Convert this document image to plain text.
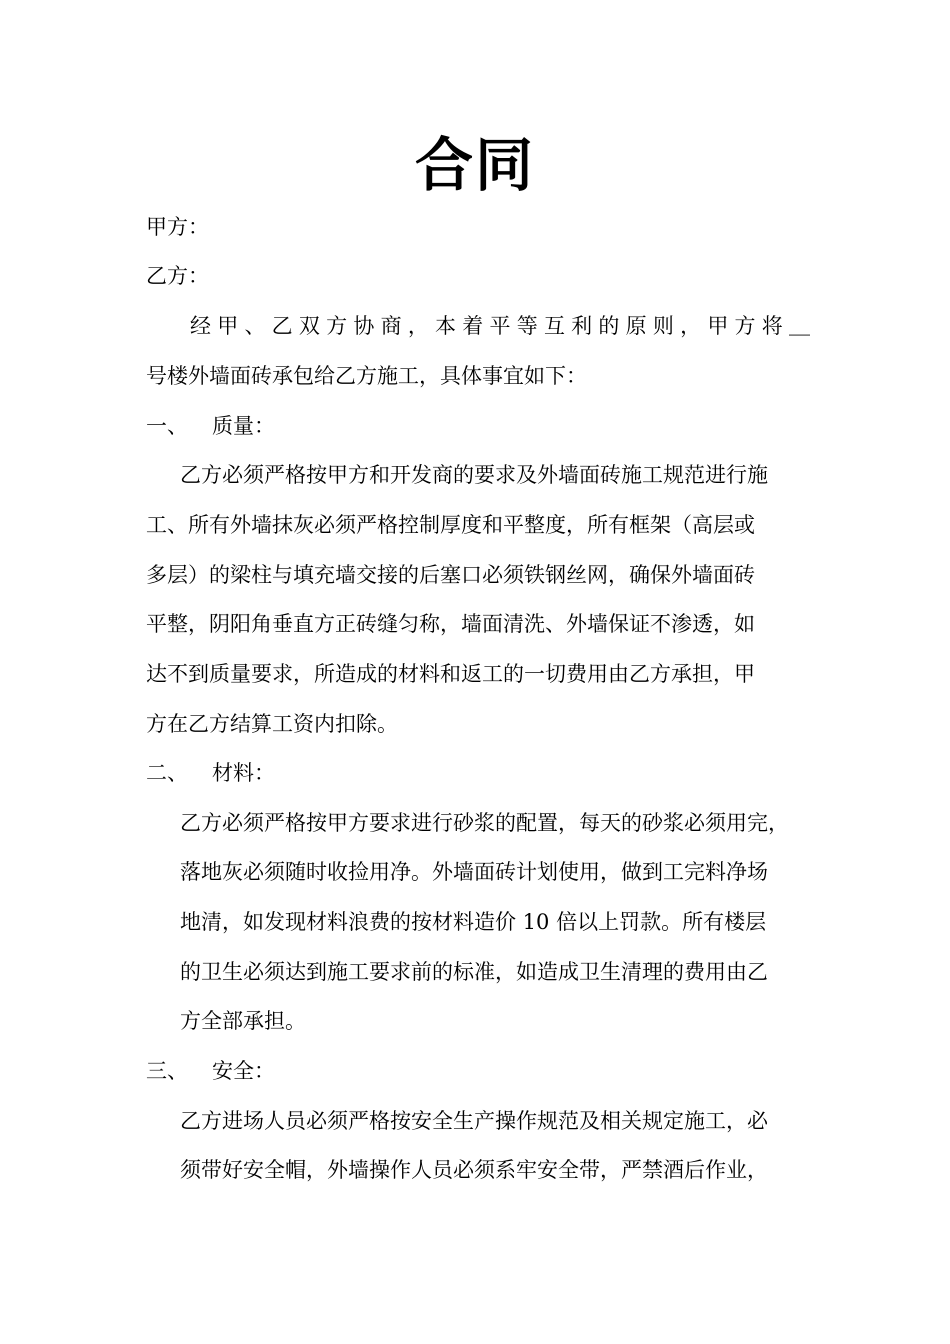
合同
甲方：
乙方：
经甲、乙双方协商，本着平等互利的原则，甲方将＿
号楼外墙面砖承包给乙方施工，具体事宜如下：
一、 质量：
乙方必须严格按甲方和开发商的要求及外墙面砖施工规范进行施
工、所有外墙抹灰必须严格控制厚度和平整度，所有框架（高层或
多层）的梁柱与填充墙交接的后塞口必须铁钢丝网，确保外墙面砖
平整，阴阳角垂直方正砖缝匀称，墙面清洗、外墙保证不渗透，如
达不到质量要求，所造成的材料和返工的一切费用由乙方承担，甲
方在乙方结算工资内扣除。
二、 材料：
乙方必须严格按甲方要求进行砂浆的配置，每天的砂浆必须用完，
落地灰必须随时收捡用净。外墙面砖计划使用，做到工完料净场
地清，如发现材料浪费的按材料造价 10 倍以上罚款。所有楼层
的卫生必须达到施工要求前的标准，如造成卫生清理的费用由乙
方全部承担。
三、 安全：
乙方进场人员必须严格按安全生产操作规范及相关规定施工，必
须带好安全帽，外墙操作人员必须系牢安全带，严禁酒后作业，
